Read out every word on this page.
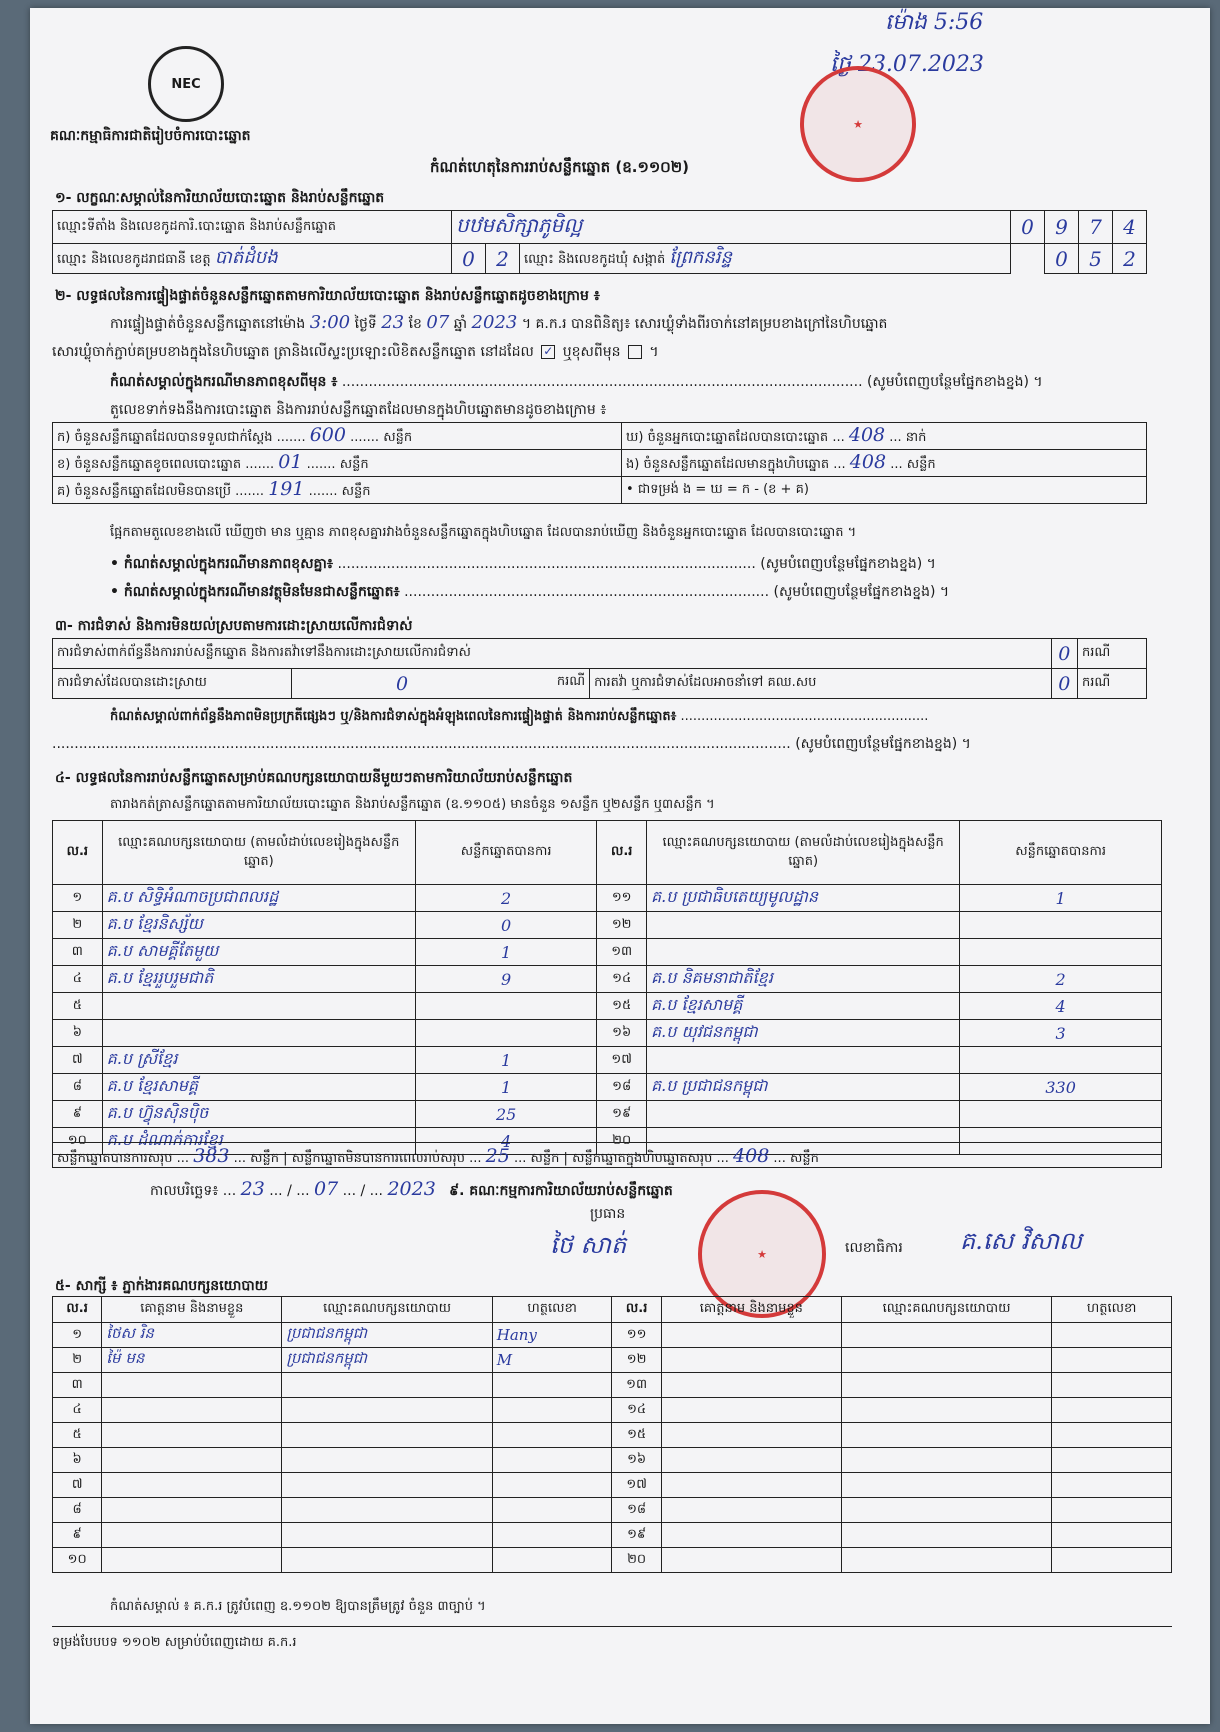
NEC
គណៈកម្មាធិការជាតិរៀបចំការបោះឆ្នោត
ម៉ោង 5:56
ថ្ងៃ 23.07.2023
★
កំណត់ហេតុនៃការរាប់សន្លឹកឆ្នោត (ឧ.១១០២)
១- លក្ខណៈសម្គាល់នៃការិយាល័យបោះឆ្នោត និងរាប់សន្លឹកឆ្នោត
ឈ្មោះទីតាំង និងលេខកូដការិ.បោះឆ្នោត និងរាប់សន្លឹកឆ្នោត	បឋមសិក្សាភូមិល្អ			0	9	7	4
ឈ្មោះ និងលេខកូដរាជធានី ខេត្ត បាត់ដំបង	0	2	ឈ្មោះ និងលេខកូដឃុំ សង្កាត់ ព្រែកនរិន្ទ		0	5	2
២- លទ្ធផលនៃការផ្ទៀងផ្ទាត់ចំនួនសន្លឹកឆ្នោតតាមការិយាល័យបោះឆ្នោត និងរាប់សន្លឹកឆ្នោតដូចខាងក្រោម ៖
ការផ្ទៀងផ្ទាត់ចំនួនសន្លឹកឆ្នោតនៅម៉ោង 3:00 ថ្ងៃទី 23 ខែ 07 ឆ្នាំ 2023 ។ គ.ក.រ បានពិនិត្យ៖ សោរឃ្លុំទាំងពីរចាក់នៅគម្របខាងក្រៅនៃហិបឆ្នោត
សោរឃ្លុំចាក់ភ្ជាប់គម្របខាងក្នុងនៃហិបឆ្នោត ត្រានិងលើស្ទះប្រឡោះលិខិតសន្លឹកឆ្នោត នៅដដែល ✓ ឬខុសពីមុន  ។
កំណត់សម្គាល់ក្នុងករណីមានភាពខុសពីមុន ៖ ..................................................................................................................... (សូមបំពេញបន្ថែមផ្នែកខាងខ្នង) ។
តួលេខទាក់ទងនឹងការបោះឆ្នោត និងការរាប់សន្លឹកឆ្នោតដែលមានក្នុងហិបឆ្នោតមានដូចខាងក្រោម ៖
ក) ចំនួនសន្លឹកឆ្នោតដែលបានទទួលជាក់ស្តែង ....... 600 ....... សន្លឹក	ឃ) ចំនួនអ្នកបោះឆ្នោតដែលបានបោះឆ្នោត ... 408 ... នាក់
ខ) ចំនួនសន្លឹកឆ្នោតខូចពេលបោះឆ្នោត ....... 01 ....... សន្លឹក	ង) ចំនួនសន្លឹកឆ្នោតដែលមានក្នុងហិបឆ្នោត ... 408 ... សន្លឹក
គ) ចំនួនសន្លឹកឆ្នោតដែលមិនបានប្រើ ....... 191 ....... សន្លឹក	• ជាទម្រង់ ង = ឃ = ក - (ខ + គ)
ផ្អែកតាមតួលេខខាងលើ ឃើញថា មាន ឬគ្មាន ភាពខុសគ្នារវាងចំនួនសន្លឹកឆ្នោតក្នុងហិបឆ្នោត ដែលបានរាប់ឃើញ និងចំនួនអ្នកបោះឆ្នោត ដែលបានបោះឆ្នោត ។
• កំណត់សម្គាល់ក្នុងករណីមានភាពខុសគ្នា៖ .............................................................................................. (សូមបំពេញបន្ថែមផ្នែកខាងខ្នង) ។
• កំណត់សម្គាល់ក្នុងករណីមានវត្ថុមិនមែនជាសន្លឹកឆ្នោត៖ .................................................................................. (សូមបំពេញបន្ថែមផ្នែកខាងខ្នង) ។
៣- ការជំទាស់ និងការមិនយល់ស្របតាមការដោះស្រាយលើការជំទាស់
ការជំទាស់ពាក់ព័ន្ធនឹងការរាប់សន្លឹកឆ្នោត និងការតវ៉ាទៅនឹងការដោះស្រាយលើការជំទាស់			0	ករណី
ការជំទាស់ដែលបានដោះស្រាយ	0 ករណី	ការតវ៉ា ឬការជំទាស់ដែលអាចនាំទៅ គឈ.សប	0	ករណី
កំណត់សម្គាល់ពាក់ព័ន្ធនឹងភាពមិនប្រក្រតីផ្សេងៗ ឬ/និងការជំទាស់ក្នុងអំឡុងពេលនៃការផ្ទៀងផ្ទាត់ និងការរាប់សន្លឹកឆ្នោត៖ ............................................................
...................................................................................................................................................................... (សូមបំពេញបន្ថែមផ្នែកខាងខ្នង) ។
៤- លទ្ធផលនៃការរាប់សន្លឹកឆ្នោតសម្រាប់គណបក្សនយោបាយនីមួយៗតាមការិយាល័យរាប់សន្លឹកឆ្នោត
តារាងកត់ត្រាសន្លឹកឆ្នោតតាមការិយាល័យបោះឆ្នោត និងរាប់សន្លឹកឆ្នោត (ឧ.១១០៥) មានចំនួន ១សន្លឹក ឬ២សន្លឹក ឬ៣សន្លឹក ។
ល.រ	ឈ្មោះគណបក្សនយោបាយ (តាមលំដាប់លេខរៀងក្នុងសន្លឹកឆ្នោត)	សន្លឹកឆ្នោតបានការ	ល.រ	ឈ្មោះគណបក្សនយោបាយ (តាមលំដាប់លេខរៀងក្នុងសន្លឹកឆ្នោត)	សន្លឹកឆ្នោតបានការ
១	គ.ប សិទ្ធិអំណាចប្រជាពលរដ្ឋ	2	១១	គ.ប ប្រជាធិបតេយ្យមូលដ្ឋាន	1
២	គ.ប ខ្មែរនិស្ស័យ	0	១២		
៣	គ.ប សាមគ្គីតែមួយ	1	១៣		
៤	គ.ប ខ្មែររួបរួមជាតិ	9	១៤	គ.ប និគមនាជាតិខ្មែរ	2
៥			១៥	គ.ប ខ្មែរសាមគ្គី	4
៦			១៦	គ.ប យុវជនកម្ពុជា	3
៧	គ.ប ស្រីខ្មែរ	1	១៧		
៨	គ.ប ខ្មែរសាមគ្គី	1	១៨	គ.ប ប្រជាជនកម្ពុជា	330
៩	គ.ប ហ៊្វុនស៊ិនប៉ិច	25	១៩		
១០	គ.ប ដំណាក់ការខ្មែរ	4	២០		
សន្លឹកឆ្នោតបានការសរុប ... 383 ... សន្លឹក | សន្លឹកឆ្នោតមិនបានការពេលរាប់សរុប ... 25 ... សន្លឹក | សន្លឹកឆ្នោតក្នុងហិបឆ្នោតសរុប ... 408 ... សន្លឹក
កាលបរិច្ឆេទ៖ ... 23 ... / ... 07 ... / ... 2023 ៩. គណៈកម្មការការិយាល័យរាប់សន្លឹកឆ្នោត
ប្រធាន
ថៃ សាត់	★	លេខាធិការ គ.សេ វិសាល
៥- សាក្សី ៖ ភ្នាក់ងារគណបក្សនយោបាយ
ល.រ	គោត្តនាម និងនាមខ្លួន	ឈ្មោះគណបក្សនយោបាយ	ហត្ថលេខា	ល.រ	គោត្តនាម និងនាមខ្លួន	ឈ្មោះគណបក្សនយោបាយ	ហត្ថលេខា
១	ថៃស រិន	ប្រជាជនកម្ពុជា	Hany	១១			
២	ម៉ៃ មន	ប្រជាជនកម្ពុជា	M	១២			
៣				១៣			
៤				១៤			
៥				១៥			
៦				១៦			
៧				១៧			
៨				១៨			
៩				១៩			
១០				២០			
កំណត់សម្គាល់ ៖ គ.ក.រ ត្រូវបំពេញ ឧ.១១០២ ឱ្យបានត្រឹមត្រូវ ចំនួន ៣ច្បាប់ ។
ទម្រង់បែបបទ ១១០២ សម្រាប់បំពេញដោយ គ.ក.រ
